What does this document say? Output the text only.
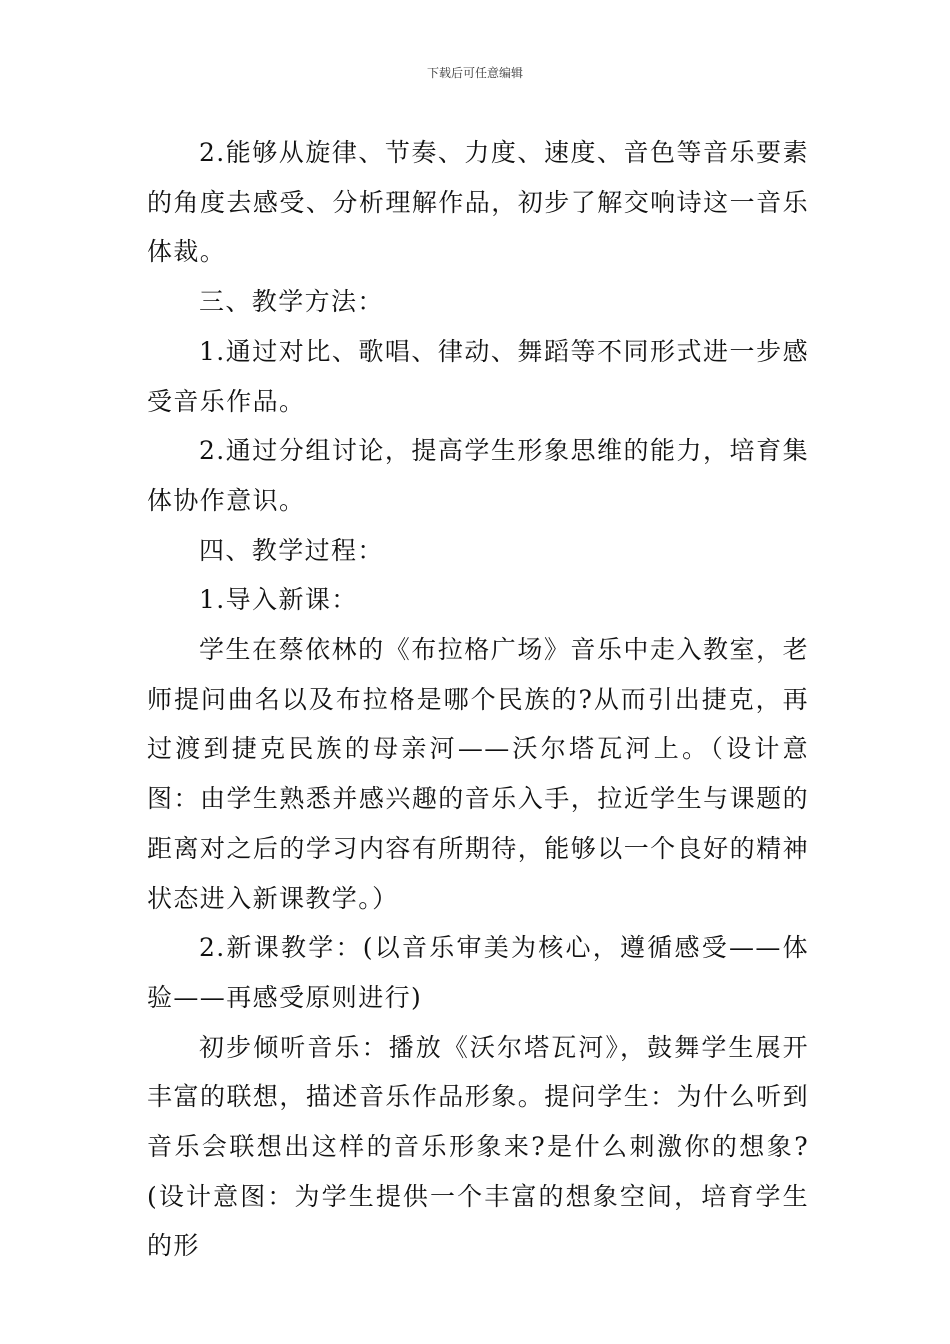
下载后可任意编辑

2.能够从旋律、节奏、力度、速度、音色等音乐要素的角度去感受、分析理解作品，初步了解交响诗这一音乐体裁。

三、教学方法：

1.通过对比、歌唱、律动、舞蹈等不同形式进一步感受音乐作品。

2.通过分组讨论，提高学生形象思维的能力，培育集体协作意识。

四、教学过程：

1.导入新课：

学生在蔡依林的《布拉格广场》音乐中走入教室，老师提问曲名以及布拉格是哪个民族的?从而引出捷克，再过渡到捷克民族的母亲河——沃尔塔瓦河上。（设计意图：由学生熟悉并感兴趣的音乐入手，拉近学生与课题的距离对之后的学习内容有所期待，能够以一个良好的精神状态进入新课教学。）

2.新课教学：(以音乐审美为核心，遵循感受——体验——再感受原则进行)

初步倾听音乐：播放《沃尔塔瓦河》，鼓舞学生展开丰富的联想，描述音乐作品形象。提问学生：为什么听到音乐会联想出这样的音乐形象来?是什么刺激你的想象?(设计意图：为学生提供一个丰富的想象空间，培育学生的形
